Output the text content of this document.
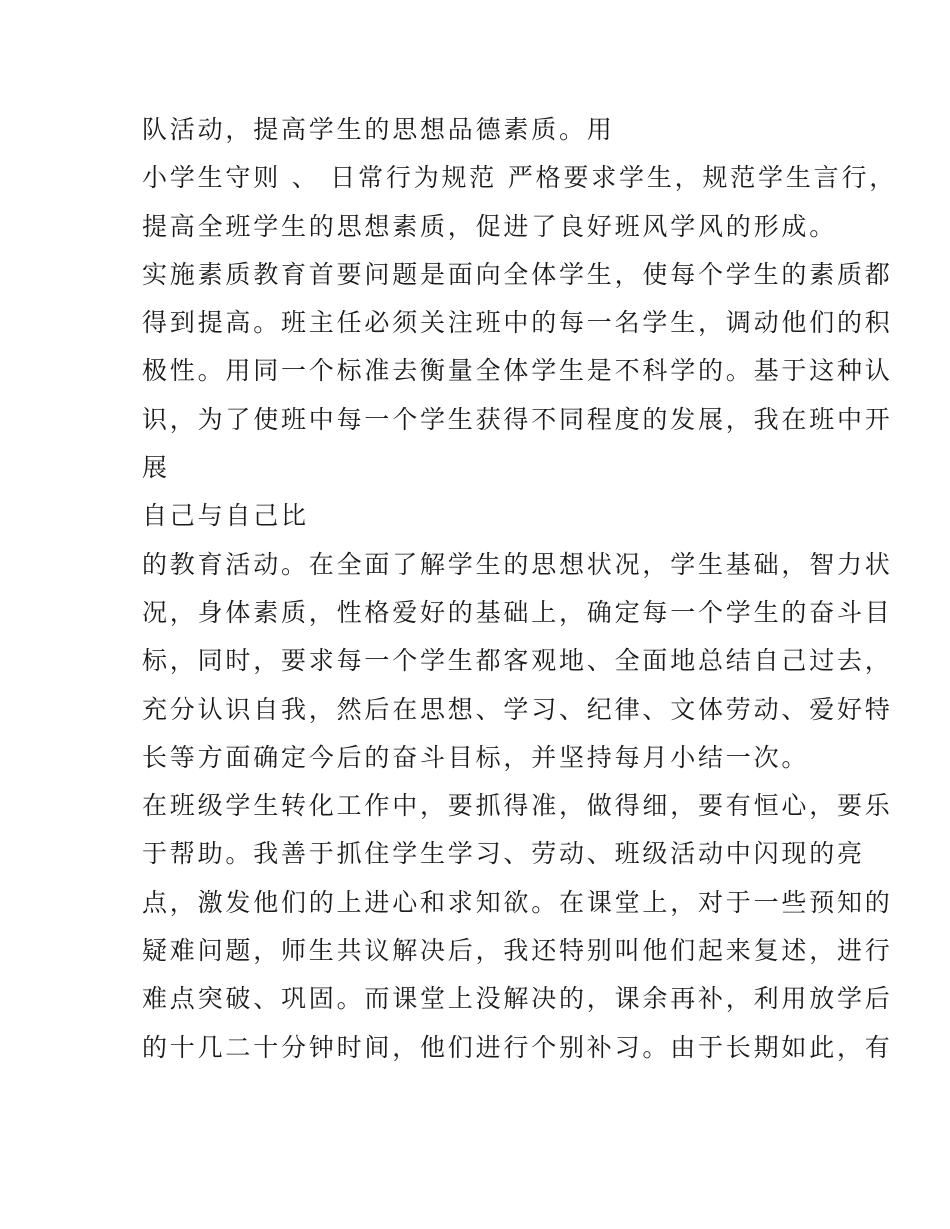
队活动，提高学生的思想品德素质。用
小学生守则 、 日常行为规范 严格要求学生，规范学生言行，
提高全班学生的思想素质，促进了良好班风学风的形成。
实施素质教育首要问题是面向全体学生，使每个学生的素质都
得到提高。班主任必须关注班中的每一名学生，调动他们的积
极性。用同一个标准去衡量全体学生是不科学的。基于这种认
识，为了使班中每一个学生获得不同程度的发展，我在班中开
展
自己与自己比
的教育活动。在全面了解学生的思想状况，学生基础，智力状
况，身体素质，性格爱好的基础上，确定每一个学生的奋斗目
标，同时，要求每一个学生都客观地、全面地总结自己过去，
充分认识自我，然后在思想、学习、纪律、文体劳动、爱好特
长等方面确定今后的奋斗目标，并坚持每月小结一次。
在班级学生转化工作中，要抓得准，做得细，要有恒心，要乐
于帮助。我善于抓住学生学习、劳动、班级活动中闪现的亮
点，激发他们的上进心和求知欲。在课堂上，对于一些预知的
疑难问题，师生共议解决后，我还特别叫他们起来复述，进行
难点突破、巩固。而课堂上没解决的，课余再补，利用放学后
的十几二十分钟时间，他们进行个别补习。由于长期如此，有
